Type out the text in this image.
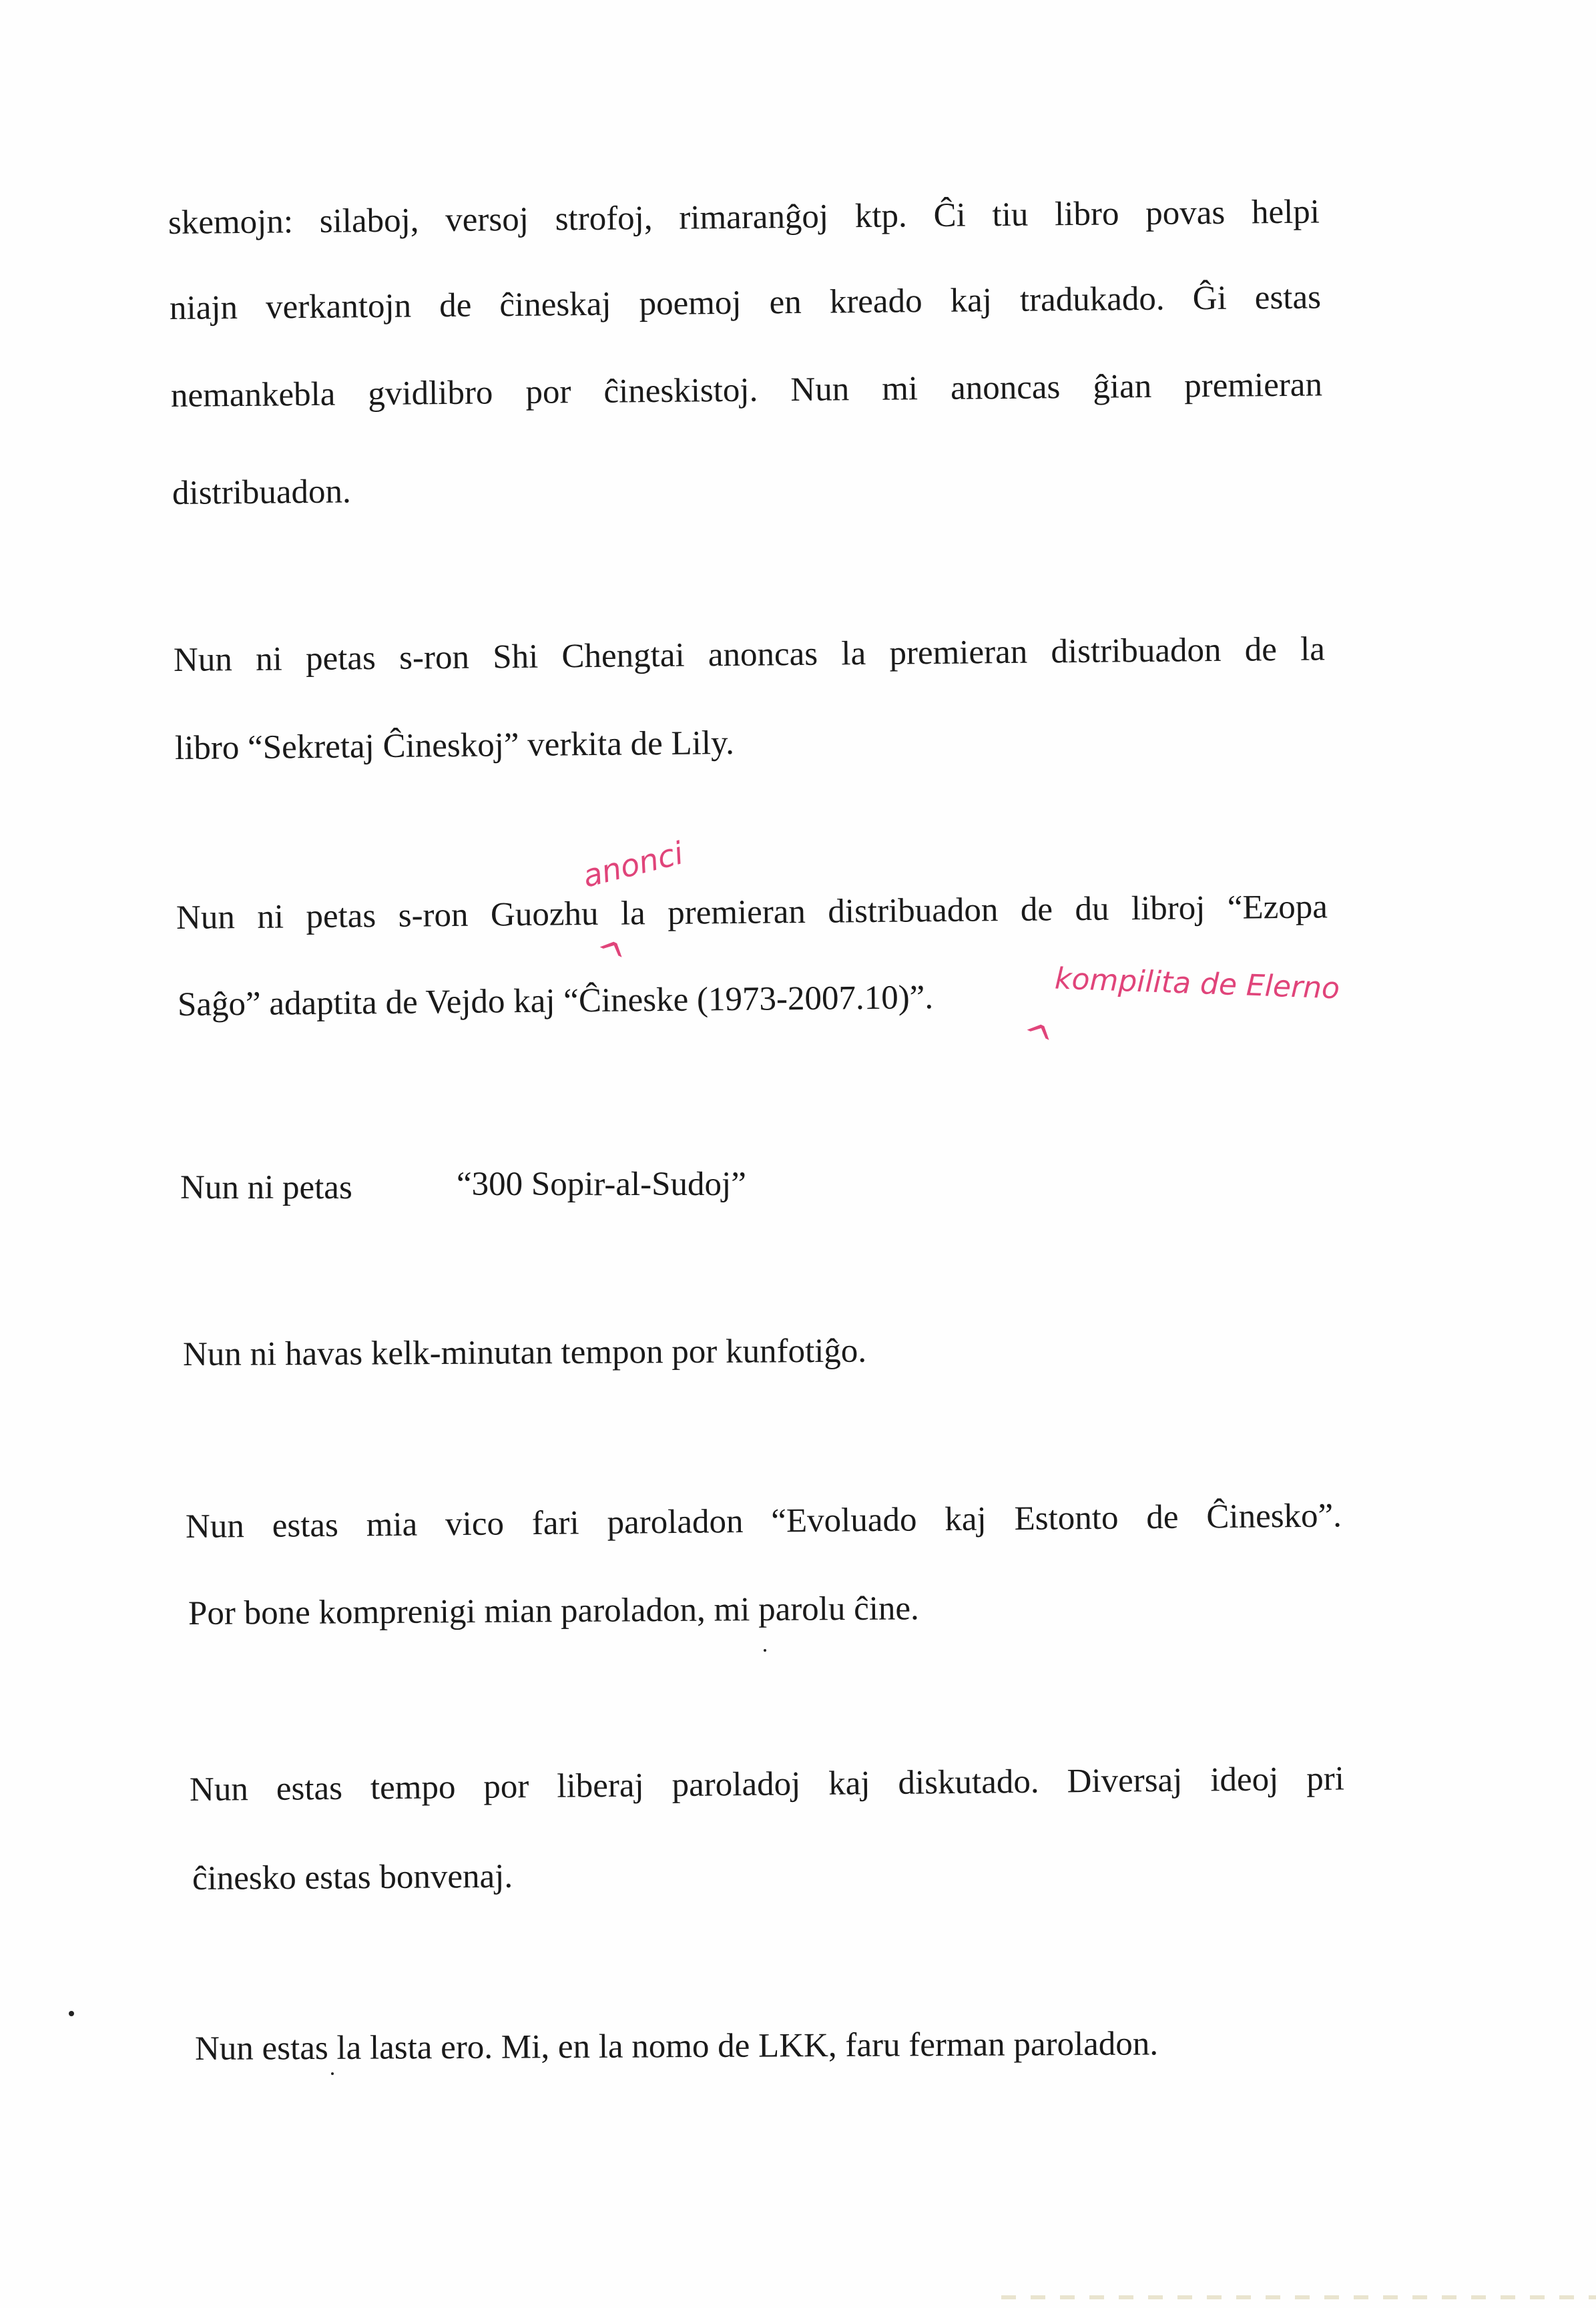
skemojn: silaboj, versoj strofoj, rimaranĝoj ktp. Ĉi tiu libro povas helpi
niajn verkantojn de ĉineskaj poemoj en kreado kaj tradukado. Ĝi estas
nemankebla gvidlibro por ĉineskistoj. Nun mi anoncas ĝian premieran
distribuadon.
Nun ni petas s-ron Shi Chengtai anoncas la premieran distribuadon de la
libro “Sekretaj Ĉineskoj” verkita de Lily.
Nun ni petas s-ron Guozhu la premieran distribuadon de du libroj “Ezopa
Saĝo” adaptita de Vejdo kaj “Ĉineske (1973-2007.10)”.
Nun ni petas	“300 Sopir-al-Sudoj”
Nun ni havas kelk-minutan tempon por kunfotiĝo.
Nun estas mia vico fari paroladon “Evoluado kaj Estonto de Ĉinesko”.
Por bone komprenigi mian paroladon, mi parolu ĉine.
Nun estas tempo por liberaj paroladoj kaj diskutado. Diversaj ideoj pri
ĉinesko estas bonvenaj.
Nun estas la lasta ero. Mi, en la nomo de LKK, faru ferman paroladon.
anonci
^
kompilita de Elerno
^
